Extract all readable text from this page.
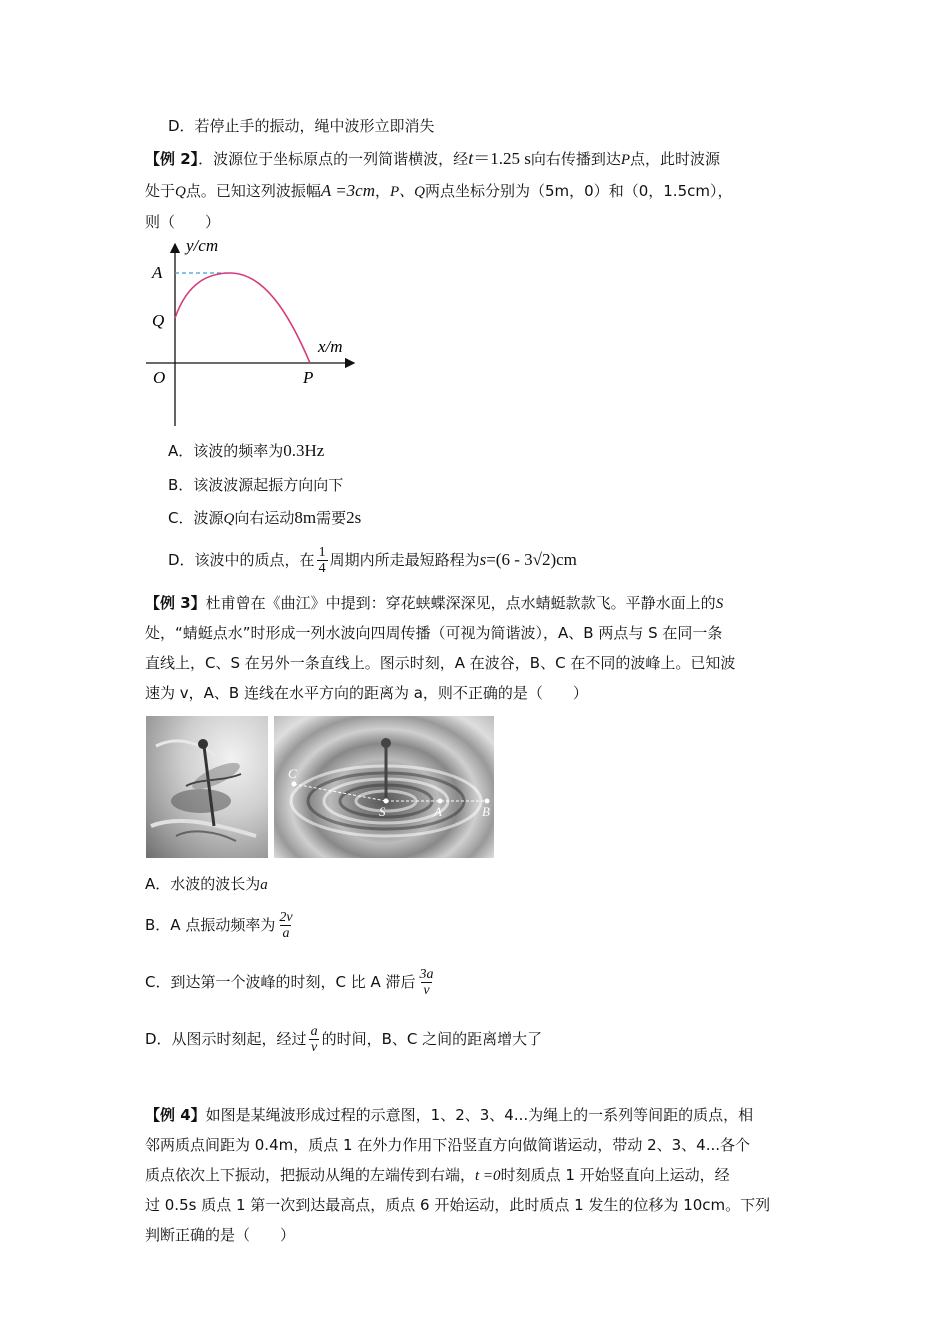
D．若停止手的振动，绳中波形立即消失
【例 2】．波源位于坐标原点的一列简谐横波，经t＝1.25 s向右传播到达P点，此时波源
处于Q点。已知这列波振幅A =3cm，P、Q两点坐标分别为（5m，0）和（0，1.5cm），
则（　　）
y/cm
x/m
A
Q
O	P
A．该波的频率为0.3Hz
B．该波波源起振方向向下
C．波源Q向右运动8m需要2s
D．该波中的质点，在 $\frac{1}{4}$ 周期内所走最短路程为s=(6 - 3√2)cm
【例 3】杜甫曾在《曲江》中提到：穿花蛱蝶深深见，点水蜻蜓款款飞。平静水面上的S
处，“蜻蜓点水”时形成一列水波向四周传播（可视为简谐波），A、B 两点与 S 在同一条
直线上，C、S 在另外一条直线上。图示时刻，A 在波谷，B、C 在不同的波峰上。已知波
速为 v，A、B 连线在水平方向的距离为 a，则不正确的是（　　）
C
S	A	B
A．水波的波长为a
B．A 点振动频率为 $\frac{2v}{a}$
C．到达第一个波峰的时刻，C 比 A 滞后 $\frac{3a}{v}$
D．从图示时刻起，经过 $\frac{a}{v}$ 的时间，B、C 之间的距离增大了
【例 4】如图是某绳波形成过程的示意图，1、2、3、4...为绳上的一系列等间距的质点，相
邻两质点间距为 0.4m，质点 1 在外力作用下沿竖直方向做简谐运动，带动 2、3、4...各个
质点依次上下振动，把振动从绳的左端传到右端，t =0时刻质点 1 开始竖直向上运动，经
过 0.5s 质点 1 第一次到达最高点，质点 6 开始运动，此时质点 1 发生的位移为 10cm。下列
判断正确的是（　　）
